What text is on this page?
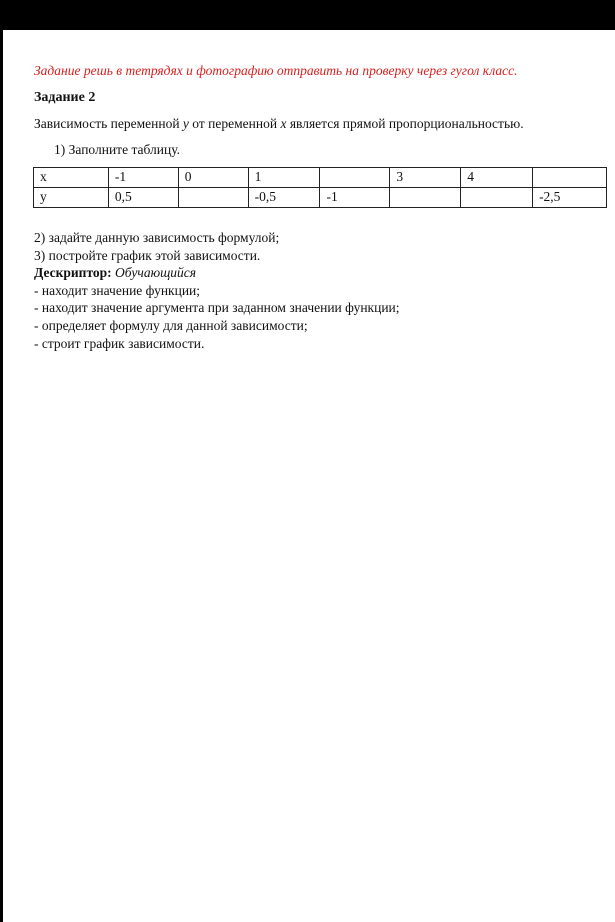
Задание решь в тетрядях и фотографию отправить на проверку через гугол класс.
Задание 2
Зависимость переменной у от переменной х является прямой пропорциональностью.
1) Заполните таблицу.
х	-1	0	1		3	4	
у	0,5		-0,5	-1			-2,5
2) задайте данную зависимость формулой;
3) постройте график этой зависимости.
Дескриптор: Обучающийся
- находит значение функции;
- находит значение аргумента при заданном значении функции;
- определяет формулу для данной зависимости;
- строит график зависимости.
